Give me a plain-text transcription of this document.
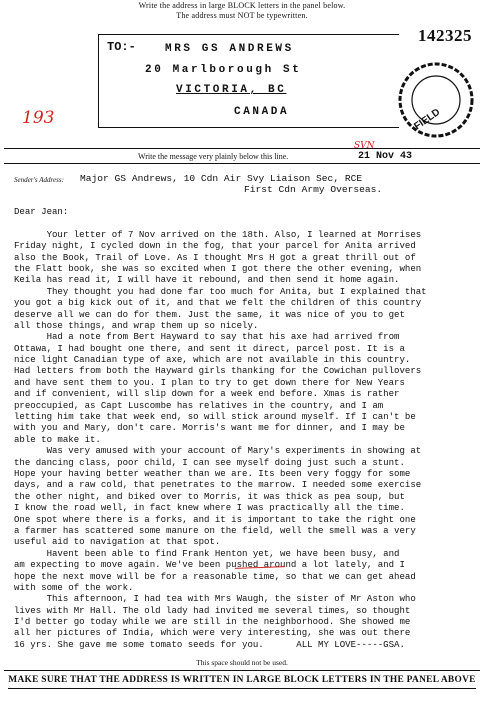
Write the address in large BLOCK letters in the panel below.
The address must NOT be typewritten.
142325
TO:-	MRS GS ANDREWS
20 Marlborough St
VICTORIA, BC
CANADA	FIELD
193
SVN
Write the message very plainly below this line.	21 Nov 43
Sender's Address: Major GS Andrews, 10 Cdn Air Svy Liaison Sec, RCE
First Cdn Army Overseas.
Dear Jean:
Your letter of 7 Nov arrived on the 18th. Also, I learned at Morrises
Friday night, I cycled down in the fog, that your parcel for Anita arrived
also the Book, Trail of Love. As I thought Mrs H got a great thrill out of
the Flatt book, she was so excited when I got there the other evening, when
Keila has read it, I will have it rebound, and then send it home again.
They thought you had done far too much for Anita, but I explained that
you got a big kick out of it, and that we felt the children of this country
deserve all we can do for them. Just the same, it was nice of you to get
all those things, and wrap them up so nicely.
Had a note from Bert Hayward to say that his axe had arrived from
Ottawa, I had bought one there, and sent it direct, parcel post. It is a
nice light Canadian type of axe, which are not available in this country.
Had letters from both the Hayward girls thanking for the Cowichan pullovers
and have sent them to you. I plan to try to get down there for New Years
and if convenient, will slip down for a week end before. Xmas is rather
preoccupied, as Capt Luscombe has relatives in the country, and I am
letting him take that week end, so will stick around myself. If I can't be
with you and Mary, don't care. Morris's want me for dinner, and I may be
able to make it.
Was very amused with your account of Mary's experiments in showing at
the dancing class, poor child, I can see myself doing just such a stunt.
Hope your having better weather than we are. Its been very foggy for some
days, and a raw cold, that penetrates to the marrow. I needed some exercise
the other night, and biked over to Morris, it was thick as pea soup, but
I know the road well, in fact knew where I was practically all the time.
One spot where there is a forks, and it is important to take the right one
a farmer has scattered some manure on the field, well the smell was a very
useful aid to navigation at that spot.
Havent been able to find Frank Henton yet, we have been busy, and
am expecting to move again. We've been pushed around a lot lately, and I
hope the next move will be for a reasonable time, so that we can get ahead
with some of the work.
This afternoon, I had tea with Mrs Waugh, the sister of Mr Aston who
lives with Mr Hall. The old lady had invited me several times, so thought
I'd better go today while we are still in the neighborhood. She showed me
all her pictures of India, which were very interesting, she was out there
16 yrs. She gave me some tomato seeds for you.      ALL MY LOVE-----GSA.
This space should not be used.
MAKE SURE THAT THE ADDRESS IS WRITTEN IN LARGE BLOCK LETTERS IN THE PANEL ABOVE
